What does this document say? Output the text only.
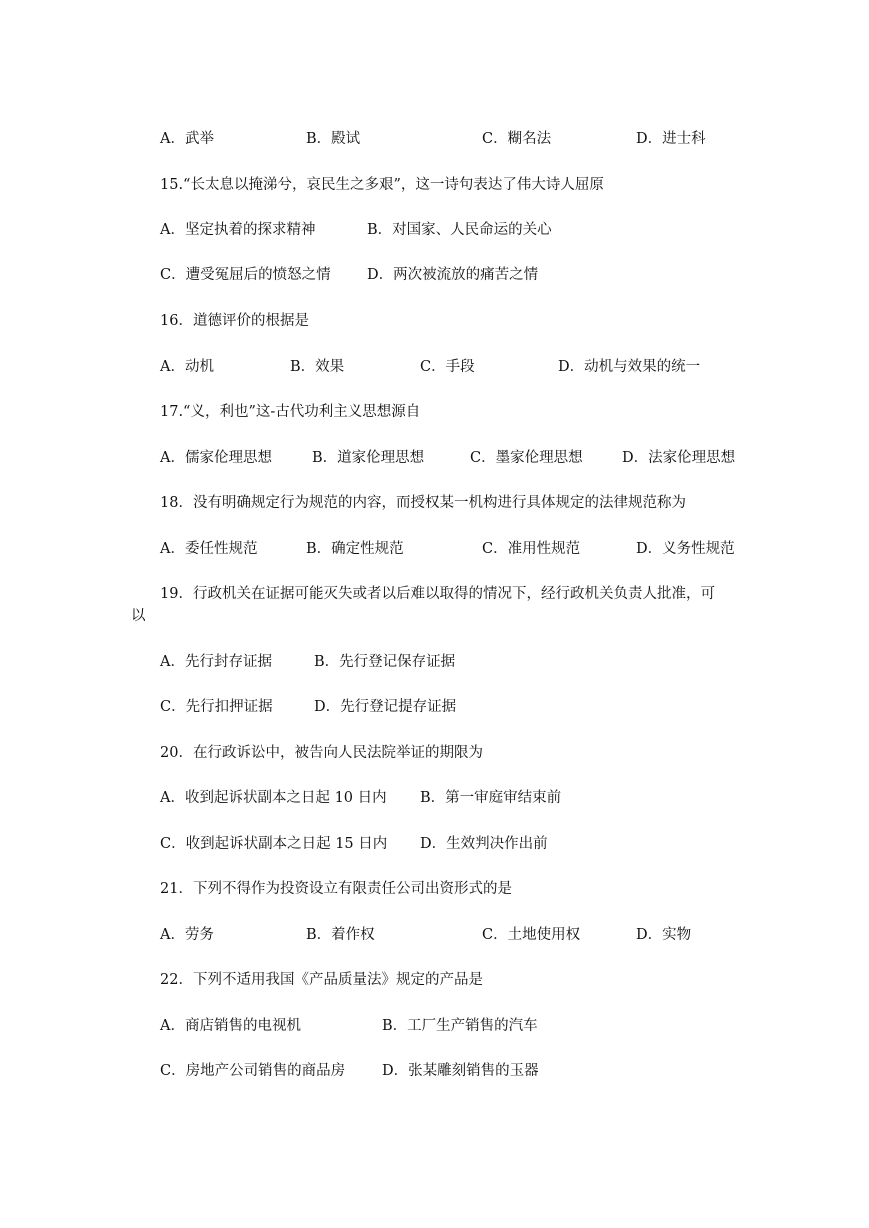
A．武举	B．殿试	C．糊名法	D．进士科
15.“长太息以掩涕兮，哀民生之多艰”，这一诗句表达了伟大诗人屈原
A．坚定执着的探求精神	B．对国家、人民命运的关心
C．遭受冤屈后的愤怒之情	D．两次被流放的痛苦之情
16．道德评价的根据是
A．动机	B．效果	C．手段	D．动机与效果的统一
17.“义，利也”这-古代功利主义思想源自
A．儒家伦理思想	B．道家伦理思想	C．墨家伦理思想	D．法家伦理思想
18．没有明确规定行为规范的内容，而授权某一机构进行具体规定的法律规范称为
A．委任性规范	B．确定性规范	C．准用性规范	D．义务性规范
19．行政机关在证据可能灭失或者以后难以取得的情况下，经行政机关负责人批准，可
以
A．先行封存证据	B．先行登记保存证据
C．先行扣押证据	D．先行登记提存证据
20．在行政诉讼中，被告向人民法院举证的期限为
A．收到起诉状副本之日起 10 日内 B．第一审庭审结束前
C．收到起诉状副本之日起 15 日内 D．生效判决作出前
21．下列不得作为投资设立有限责任公司出资形式的是
A．劳务	B．着作权	C．土地使用权	D．实物
22．下列不适用我国《产品质量法》规定的产品是
A．商店销售的电视机	B．工厂生产销售的汽车
C．房地产公司销售的商品房	D．张某雕刻销售的玉器
